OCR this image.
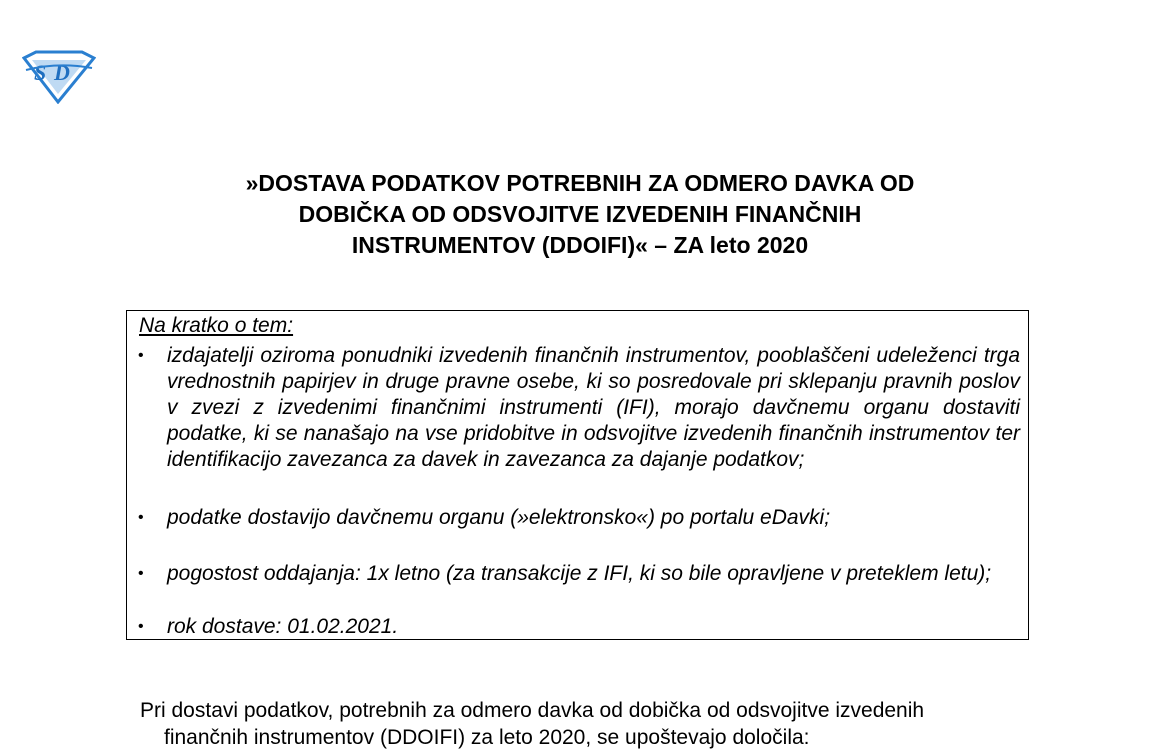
S D
»DOSTAVA PODATKOV POTREBNIH ZA ODMERO DAVKA OD
DOBIČKA OD ODSVOJITVE IZVEDENIH FINANČNIH
INSTRUMENTOV (DDOIFI)« – ZA leto 2020
Na kratko o tem:
• izdajatelji oziroma ponudniki izvedenih finančnih instrumentov, pooblaščeni udeleženci trga vrednostnih papirjev in druge pravne osebe, ki so posredovale pri sklepanju pravnih poslov v zvezi z izvedenimi finančnimi instrumenti (IFI), morajo davčnemu organu dostaviti podatke, ki se nanašajo na vse pridobitve in odsvojitve izvedenih finančnih instrumentov ter identifikacijo zavezanca za davek in zavezanca za dajanje podatkov;
• podatke dostavijo davčnemu organu (»elektronsko«) po portalu eDavki;
• pogostost oddajanja: 1x letno (za transakcije z IFI, ki so bile opravljene v preteklem letu);
• rok dostave: 01.02.2021.
Pri dostavi podatkov, potrebnih za odmero davka od dobička od odsvojitve izvedenih
finančnih instrumentov (DDOIFI) za leto 2020, se upoštevajo določila:
